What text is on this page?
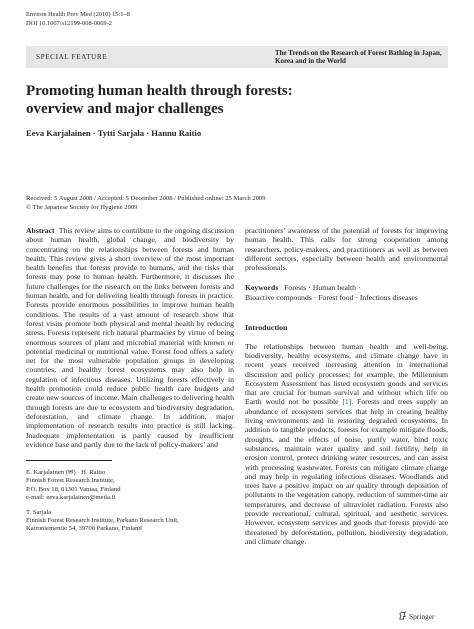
Environ Health Prev Med (2010) 15:1–8
DOI 10.1007/s12199-008-0069-2
SPECIAL FEATURE	The Trends on the Research of Forest Bathing in Japan,
Korea and in the World
Promoting human health through forests:
overview and major challenges
Eeva Karjalainen · Tytti Sarjala · Hannu Raitio
Received: 5 August 2008 / Accepted: 5 December 2008 / Published online: 25 March 2009
© The Japanese Society for Hygiene 2009

Abstract This review aims to contribute to the ongoing discussion about human health, global change, and biodiversity by concentrating on the relationships between forests and human health. This review gives a short overview of the most important health benefits that forests provide to humans, and the risks that forests may pose to human health. Furthermore, it discusses the future challenges for the research on the links between forests and human health, and for delivering health through forests in practice. Forests provide enormous possibilities to improve human health conditions. The results of a vast amount of research show that forest visits promote both physical and mental health by reducing stress. Forests represent rich natural pharmacies by virtue of being enormous sources of plant and microbial material with known or potential medicinal or nutritional value. Forest food offers a safety net for the most vulnerable population groups in developing countries, and healthy forest ecosystems may also help in regulation of infectious diseases. Utilizing forests effectively in health promotion could reduce public health care budgets and create new sources of income. Main challenges to delivering health through forests are due to ecosystem and biodiversity degradation, deforestation, and climate change. In addition, major implementation of research results into practice is still lacking. Inadequate implementation is partly caused by insufficient evidence base and partly due to the lack of policy-makers’ and

E. Karjalainen (✉) · H. Raitio
Finnish Forest Research Institute,
P.O. Box 18, 01301 Vantaa, Finland
e-mail: eeva.karjalainen@metla.fi
T. Sarjala
Finnish Forest Research Institute, Parkano Research Unit,
Kaironiementie 54, 39700 Parkano, Finland

practitioners’ awareness of the potential of forests for improving human health. This calls for strong cooperation among researchers, policy-makers, and practitioners as well as between different sectors, especially between health and environmental professionals.

Keywords Forests · Human health ·
Bioactive compounds · Forest food · Infectious diseases
Introduction

The relationships between human health and well-being, biodiversity, healthy ecosystems, and climate change have in recent years received increasing attention in international discussion and policy processes; for example, the Millennium Ecosystem Assessment has listed ecosystem goods and services that are crucial for human survival and without which life on Earth would not be possible [1]. Forests and trees supply an abundance of ecosystem services that help in creating healthy living environments and in restoring degraded ecosystems. In addition to tangible products, forests for example mitigate floods, droughts, and the effects of noise, purify water, bind toxic substances, maintain water quality and soil fertility, help in erosion control, protect drinking water resources, and can assist with processing wastewater. Forests can mitigate climate change and may help in regulating infectious diseases. Woodlands and trees have a positive impact on air quality through deposition of pollutants to the vegetation canopy, reduction of summer-time air temperatures, and decrease of ultraviolet radiation. Forests also provide recreational, cultural, spiritual, and aesthetic services. However, ecosystem services and goods that forests provide are threatened by deforestation, pollution, biodiversity degradation, and climate change.

Springer
